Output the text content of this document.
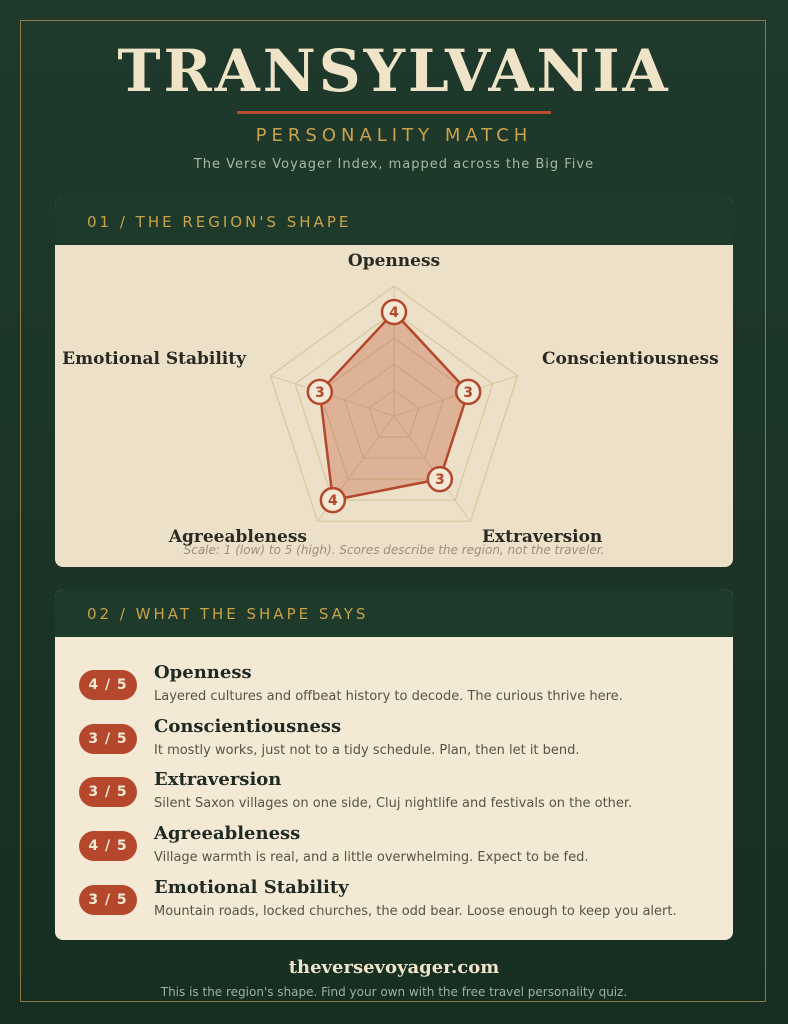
TRANSYLVANIA
PERSONALITY MATCH
The Verse Voyager Index, mapped across the Big Five
01 / THE REGION'S SHAPE
4
3
3
4
3
Openness
Conscientiousness
Extraversion
Agreeableness
Emotional Stability
Scale: 1 (low) to 5 (high). Scores describe the region, not the traveler.
02 / WHAT THE SHAPE SAYS
4 / 5
Openness
Layered cultures and offbeat history to decode. The curious thrive here.
3 / 5
Conscientiousness
It mostly works, just not to a tidy schedule. Plan, then let it bend.
3 / 5
Extraversion
Silent Saxon villages on one side, Cluj nightlife and festivals on the other.
4 / 5
Agreeableness
Village warmth is real, and a little overwhelming. Expect to be fed.
3 / 5
Emotional Stability
Mountain roads, locked churches, the odd bear. Loose enough to keep you alert.
theversevoyager.com
This is the region's shape. Find your own with the free travel personality quiz.
